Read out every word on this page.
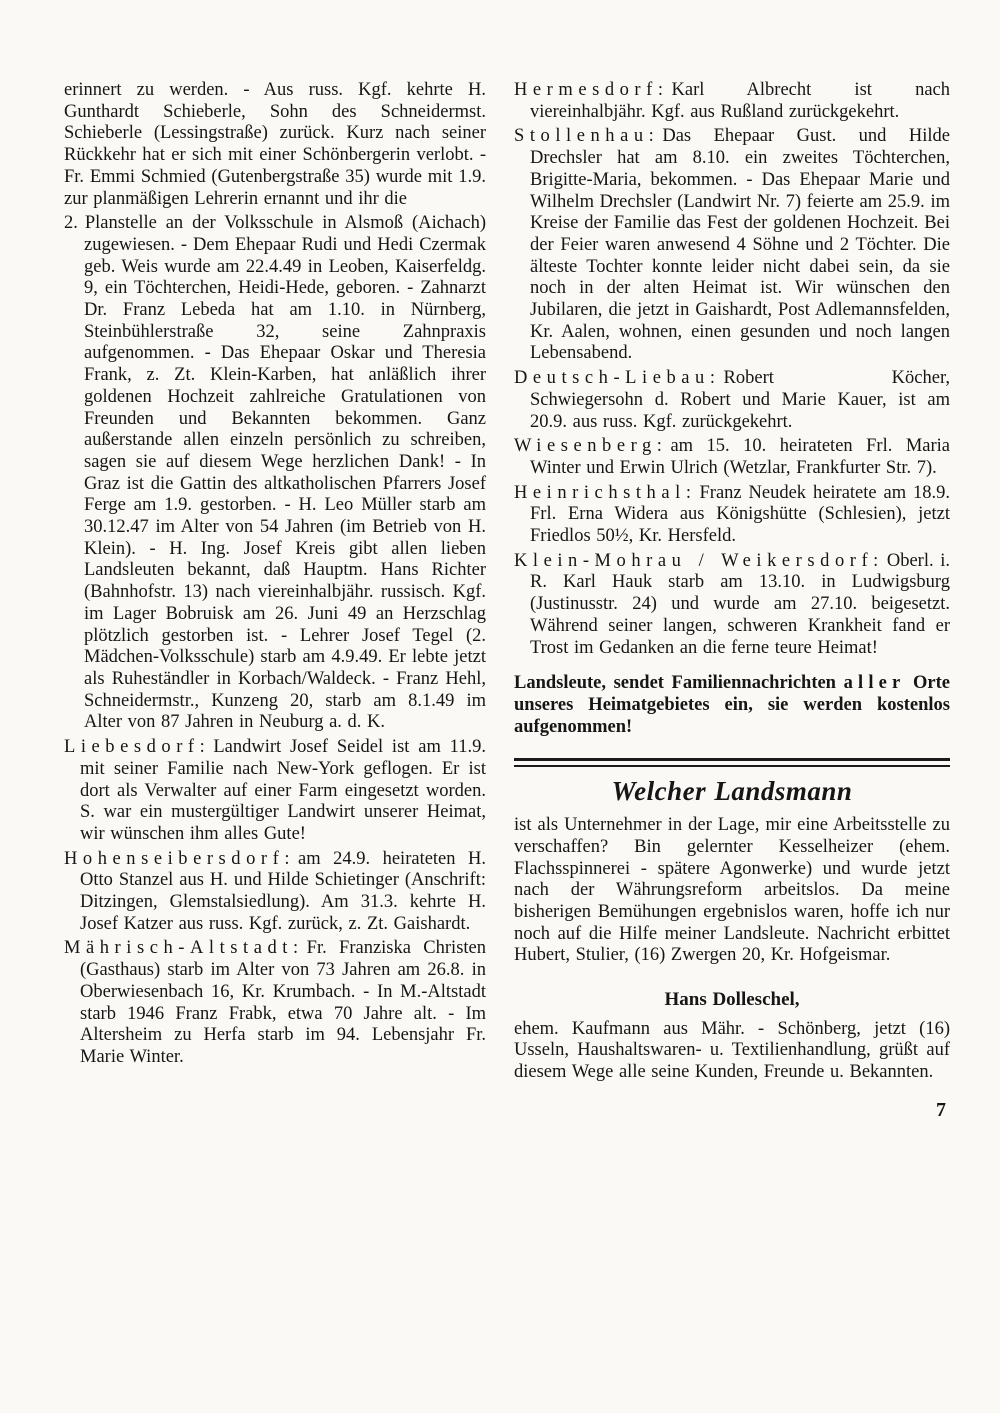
erinnert zu werden. - Aus russ. Kgf. kehrte H. Gunthardt Schieberle, Sohn des Schneidermst. Schieberle (Lessingstraße) zurück. Kurz nach seiner Rückkehr hat er sich mit einer Schönbergerin verlobt. - Fr. Emmi Schmied (Gutenbergstraße 35) wurde mit 1.9. zur planmäßigen Lehrerin ernannt und ihr die

2. Planstelle an der Volksschule in Alsmoß (Aichach) zugewiesen. - Dem Ehepaar Rudi und Hedi Czermak geb. Weis wurde am 22.4.49 in Leoben, Kaiserfeldg. 9, ein Töchterchen, Heidi-Hede, geboren. - Zahnarzt Dr. Franz Lebeda hat am 1.10. in Nürnberg, Steinbühlerstraße 32, seine Zahnpraxis aufgenommen. - Das Ehepaar Oskar und Theresia Frank, z. Zt. Klein-Karben, hat anläßlich ihrer goldenen Hochzeit zahlreiche Gratulationen von Freunden und Bekannten bekommen. Ganz außerstande allen einzeln persönlich zu schreiben, sagen sie auf diesem Wege herzlichen Dank! - In Graz ist die Gattin des altkatholischen Pfarrers Josef Ferge am 1.9. gestorben. - H. Leo Müller starb am 30.12.47 im Alter von 54 Jahren (im Betrieb von H. Klein). - H. Ing. Josef Kreis gibt allen lieben Landsleuten bekannt, daß Hauptm. Hans Richter (Bahnhofstr. 13) nach viereinhalbjähr. russisch. Kgf. im Lager Bobruisk am 26. Juni 49 an Herzschlag plötzlich gestorben ist. - Lehrer Josef Tegel (2. Mädchen-Volksschule) starb am 4.9.49. Er lebte jetzt als Ruheständler in Korbach/Waldeck. - Franz Hehl, Schneidermstr., Kunzeng 20, starb am 8.1.49 im Alter von 87 Jahren in Neuburg a. d. K.

Liebesdorf: Landwirt Josef Seidel ist am 11.9. mit seiner Familie nach New-York geflogen. Er ist dort als Verwalter auf einer Farm eingesetzt worden. S. war ein mustergültiger Landwirt unserer Heimat, wir wünschen ihm alles Gute!

Hohenseibersdorf: am 24.9. heirateten H. Otto Stanzel aus H. und Hilde Schietinger (Anschrift: Ditzingen, Glemstalsiedlung). Am 31.3. kehrte H. Josef Katzer aus russ. Kgf. zurück, z. Zt. Gaishardt.

Mährisch-Altstadt: Fr. Franziska Christen (Gasthaus) starb im Alter von 73 Jahren am 26.8. in Oberwiesenbach 16, Kr. Krumbach. - In M.-Altstadt starb 1946 Franz Frabk, etwa 70 Jahre alt. - Im Altersheim zu Herfa starb im 94. Lebensjahr Fr. Marie Winter.

Hermesdorf: Karl Albrecht ist nach viereinhalbjähr. Kgf. aus Rußland zurückgekehrt.

Stollenhau: Das Ehepaar Gust. und Hilde Drechsler hat am 8.10. ein zweites Töchterchen, Brigitte-Maria, bekommen. - Das Ehepaar Marie und Wilhelm Drechsler (Landwirt Nr. 7) feierte am 25.9. im Kreise der Familie das Fest der goldenen Hochzeit. Bei der Feier waren anwesend 4 Söhne und 2 Töchter. Die älteste Tochter konnte leider nicht dabei sein, da sie noch in der alten Heimat ist. Wir wünschen den Jubilaren, die jetzt in Gaishardt, Post Adlemannsfelden, Kr. Aalen, wohnen, einen gesunden und noch langen Lebensabend.

Deutsch-Liebau: Robert Köcher, Schwiegersohn d. Robert und Marie Kauer, ist am 20.9. aus russ. Kgf. zurückgekehrt.

Wiesenberg: am 15. 10. heirateten Frl. Maria Winter und Erwin Ulrich (Wetzlar, Frankfurter Str. 7).

Heinrichsthal: Franz Neudek heiratete am 18.9. Frl. Erna Widera aus Königshütte (Schlesien), jetzt Friedlos 50½, Kr. Hersfeld.

Klein-Mohrau / Weikersdorf: Oberl. i. R. Karl Hauk starb am 13.10. in Ludwigsburg (Justinusstr. 24) und wurde am 27.10. beigesetzt. Während seiner langen, schweren Krankheit fand er Trost im Gedanken an die ferne teure Heimat!

Landsleute, sendet Familiennachrichten aller Orte unseres Heimatgebietes ein, sie werden kostenlos aufgenommen!

Welcher Landsmann

ist als Unternehmer in der Lage, mir eine Arbeitsstelle zu verschaffen? Bin gelernter Kesselheizer (ehem. Flachsspinnerei - spätere Agonwerke) und wurde jetzt nach der Währungsreform arbeitslos. Da meine bisherigen Bemühungen ergebnislos waren, hoffe ich nur noch auf die Hilfe meiner Landsleute. Nachricht erbittet Hubert, Stulier, (16) Zwergen 20, Kr. Hofgeismar.

Hans Dolleschel,

ehem. Kaufmann aus Mähr. - Schönberg, jetzt (16) Usseln, Haushaltswaren- u. Textilienhandlung, grüßt auf diesem Wege alle seine Kunden, Freunde u. Bekannten.

7
